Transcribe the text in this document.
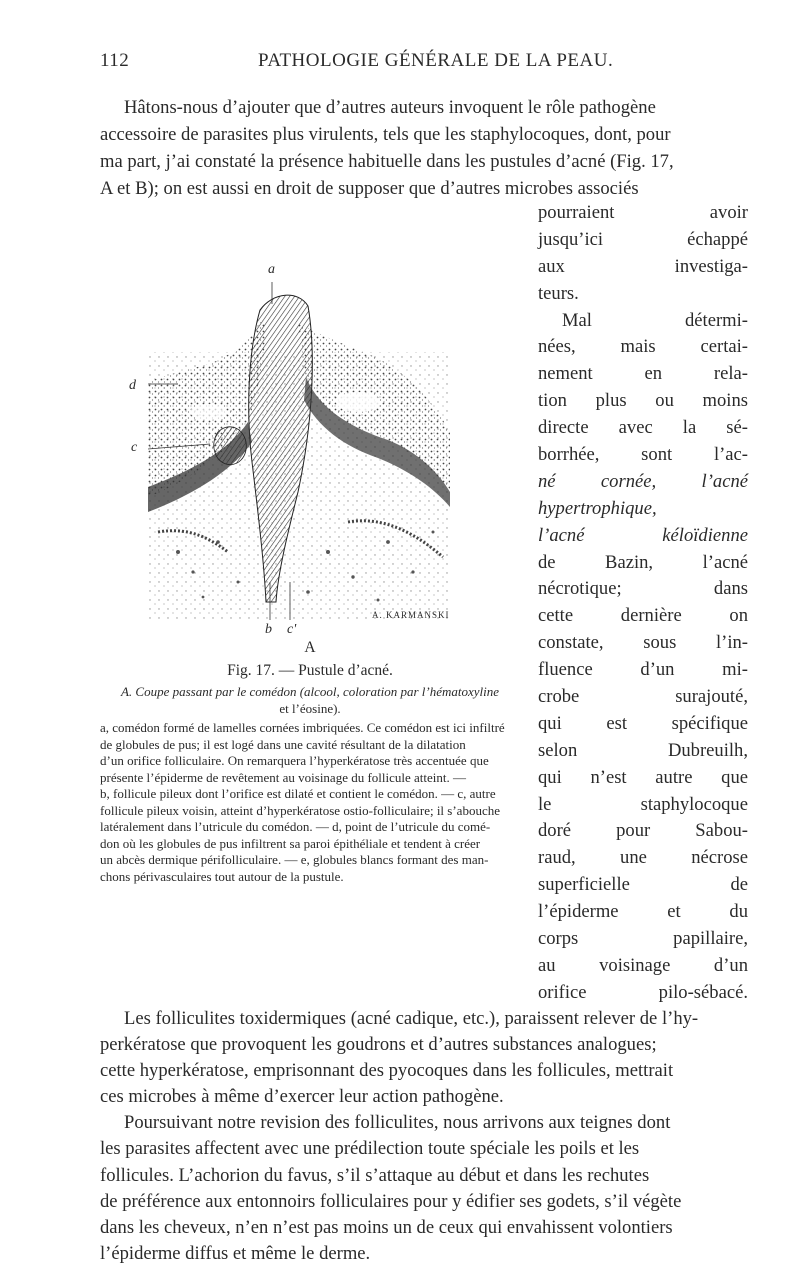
112	PATHOLOGIE GÉNÉRALE DE LA PEAU.
Hâtons-nous d’ajouter que d’autres auteurs invoquent le rôle pathogène
accessoire de parasites plus virulents, tels que les staphylocoques, dont, pour
ma part, j’ai constaté la présence habituelle dans les pustules d’acné (Fig. 17,
A et B); on est aussi en droit de supposer que d’autres microbes associés
a
d
c
b c'
A. KARMANSKI
A
Fig. 17. — Pustule d’acné.
A. Coupe passant par le comédon (alcool, coloration par l’hématoxyline
et l’éosine).
a, comédon formé de lamelles cornées imbriquées. Ce comédon est ici infiltré
de globules de pus; il est logé dans une cavité résultant de la dilatation
d’un orifice folliculaire. On remarquera l’hyperkératose très accentuée que
présente l’épiderme de revêtement au voisinage du follicule atteint. —
b, follicule pileux dont l’orifice est dilaté et contient le comédon. — c, autre
follicule pileux voisin, atteint d’hyperkératose ostio-folliculaire; il s’abouche
latéralement dans l’utricule du comédon. — d, point de l’utricule du comé-
don où les globules de pus infiltrent sa paroi épithéliale et tendent à créer
un abcès dermique périfolliculaire. — e, globules blancs formant des man-
chons périvasculaires tout autour de la pustule.
pourraient avoir
jusqu’ici échappé
aux investiga-
teurs.
Mal détermi-
nées, mais certai-
nement en rela-
tion plus ou moins
directe avec la sé-
borrhée, sont l’ac-
né cornée, l’acné
hypertrophique,
l’acné kéloïdienne
de Bazin, l’acné
nécrotique; dans
cette dernière on
constate, sous l’in-
fluence d’un mi-
crobe surajouté,
qui est spécifique
selon Dubreuilh,
qui n’est autre que
le staphylocoque
doré pour Sabou-
raud, une nécrose
superficielle de
l’épiderme et du
corps papillaire,
au voisinage d’un
orifice pilo-sébacé.
Les folliculites toxidermiques (acné cadique, etc.), paraissent relever de l’hy-
perkératose que provoquent les goudrons et d’autres substances analogues;
cette hyperkératose, emprisonnant des pyocoques dans les follicules, mettrait
ces microbes à même d’exercer leur action pathogène.
Poursuivant notre revision des folliculites, nous arrivons aux teignes dont
les parasites affectent avec une prédilection toute spéciale les poils et les
follicules. L’achorion du favus, s’il s’attaque au début et dans les rechutes
de préférence aux entonnoirs folliculaires pour y édifier ses godets, s’il végète
dans les cheveux, n’en n’est pas moins un de ceux qui envahissent volontiers
l’épiderme diffus et même le derme.
